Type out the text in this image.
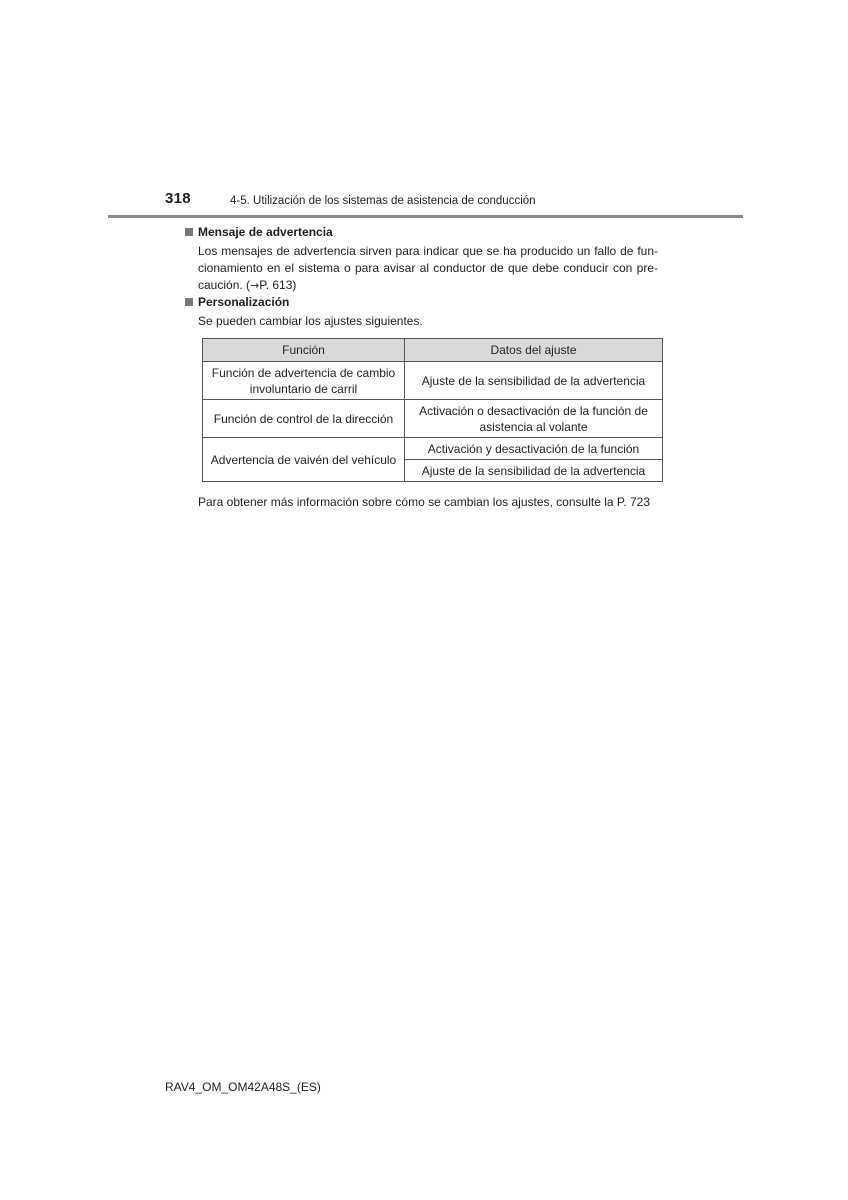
318	4-5. Utilización de los sistemas de asistencia de conducción
Mensaje de advertencia
Los mensajes de advertencia sirven para indicar que se ha producido un fallo de fun-
cionamiento en el sistema o para avisar al conductor de que debe conducir con pre-
caución. (→P. 613)
Personalización
Se pueden cambiar los ajustes siguientes.
Función	Datos del ajuste
Función de advertencia de cambio involuntario de carril	Ajuste de la sensibilidad de la advertencia
Función de control de la dirección	Activación o desactivación de la función de asistencia al volante
Advertencia de vaivén del vehículo	Activación y desactivación de la función
	Ajuste de la sensibilidad de la advertencia
Para obtener más información sobre cómo se cambian los ajustes, consulte la P. 723
RAV4_OM_OM42A48S_(ES)
